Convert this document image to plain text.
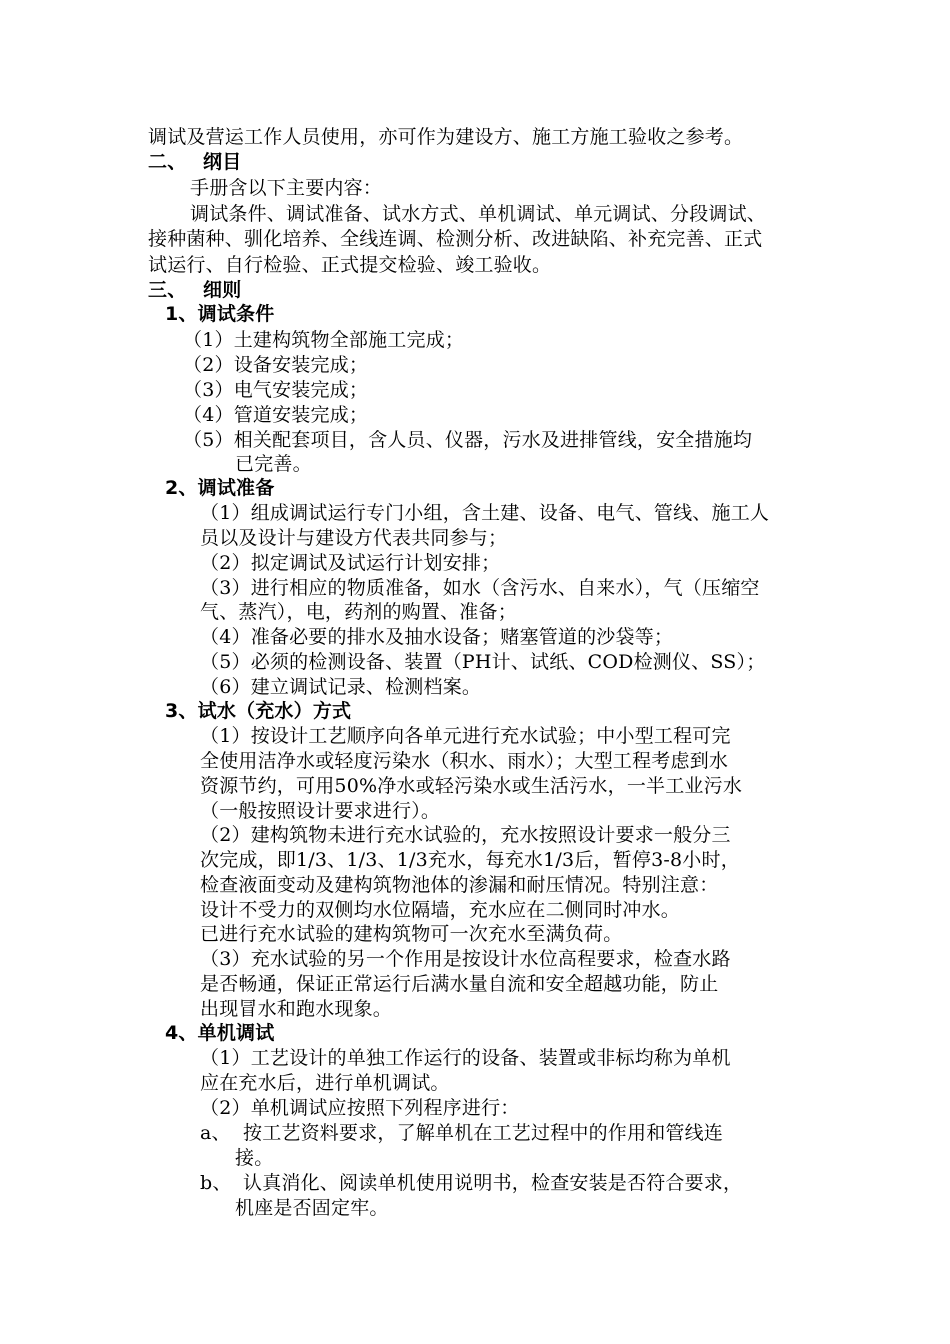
调试及营运工作人员使用，亦可作为建设方、施工方施工验收之参考。
二、 纲目
手册含以下主要内容：
调试条件、调试准备、试水方式、单机调试、单元调试、分段调试、
接种菌种、驯化培养、全线连调、检测分析、改进缺陷、补充完善、正式
试运行、自行检验、正式提交检验、竣工验收。
三、 细则
1、调试条件
（1）土建构筑物全部施工完成；
（2）设备安装完成；
（3）电气安装完成；
（4）管道安装完成；
（5）相关配套项目，含人员、仪器，污水及进排管线，安全措施均
已完善。
2、调试准备
（1）组成调试运行专门小组，含土建、设备、电气、管线、施工人
员以及设计与建设方代表共同参与；
（2）拟定调试及试运行计划安排；
（3）进行相应的物质准备，如水（含污水、自来水），气（压缩空
气、蒸汽），电，药剂的购置、准备；
（4）准备必要的排水及抽水设备；赌塞管道的沙袋等；
（5）必须的检测设备、装置（PH计、试纸、COD检测仪、SS）；
（6）建立调试记录、检测档案。
3、试水（充水）方式
（1）按设计工艺顺序向各单元进行充水试验；中小型工程可完
全使用洁净水或轻度污染水（积水、雨水）；大型工程考虑到水
资源节约，可用50%净水或轻污染水或生活污水，一半工业污水
（一般按照设计要求进行）。
（2）建构筑物未进行充水试验的，充水按照设计要求一般分三
次完成，即1/3、1/3、1/3充水，每充水1/3后，暂停3-8小时，
检查液面变动及建构筑物池体的渗漏和耐压情况。特别注意：
设计不受力的双侧均水位隔墙，充水应在二侧同时冲水。
已进行充水试验的建构筑物可一次充水至满负荷。
（3）充水试验的另一个作用是按设计水位高程要求，检查水路
是否畅通，保证正常运行后满水量自流和安全超越功能，防止
出现冒水和跑水现象。
4、单机调试
（1）工艺设计的单独工作运行的设备、装置或非标均称为单机
应在充水后，进行单机调试。
（2）单机调试应按照下列程序进行：
a、 按工艺资料要求，了解单机在工艺过程中的作用和管线连
接。
b、 认真消化、阅读单机使用说明书，检查安装是否符合要求，
机座是否固定牢。
